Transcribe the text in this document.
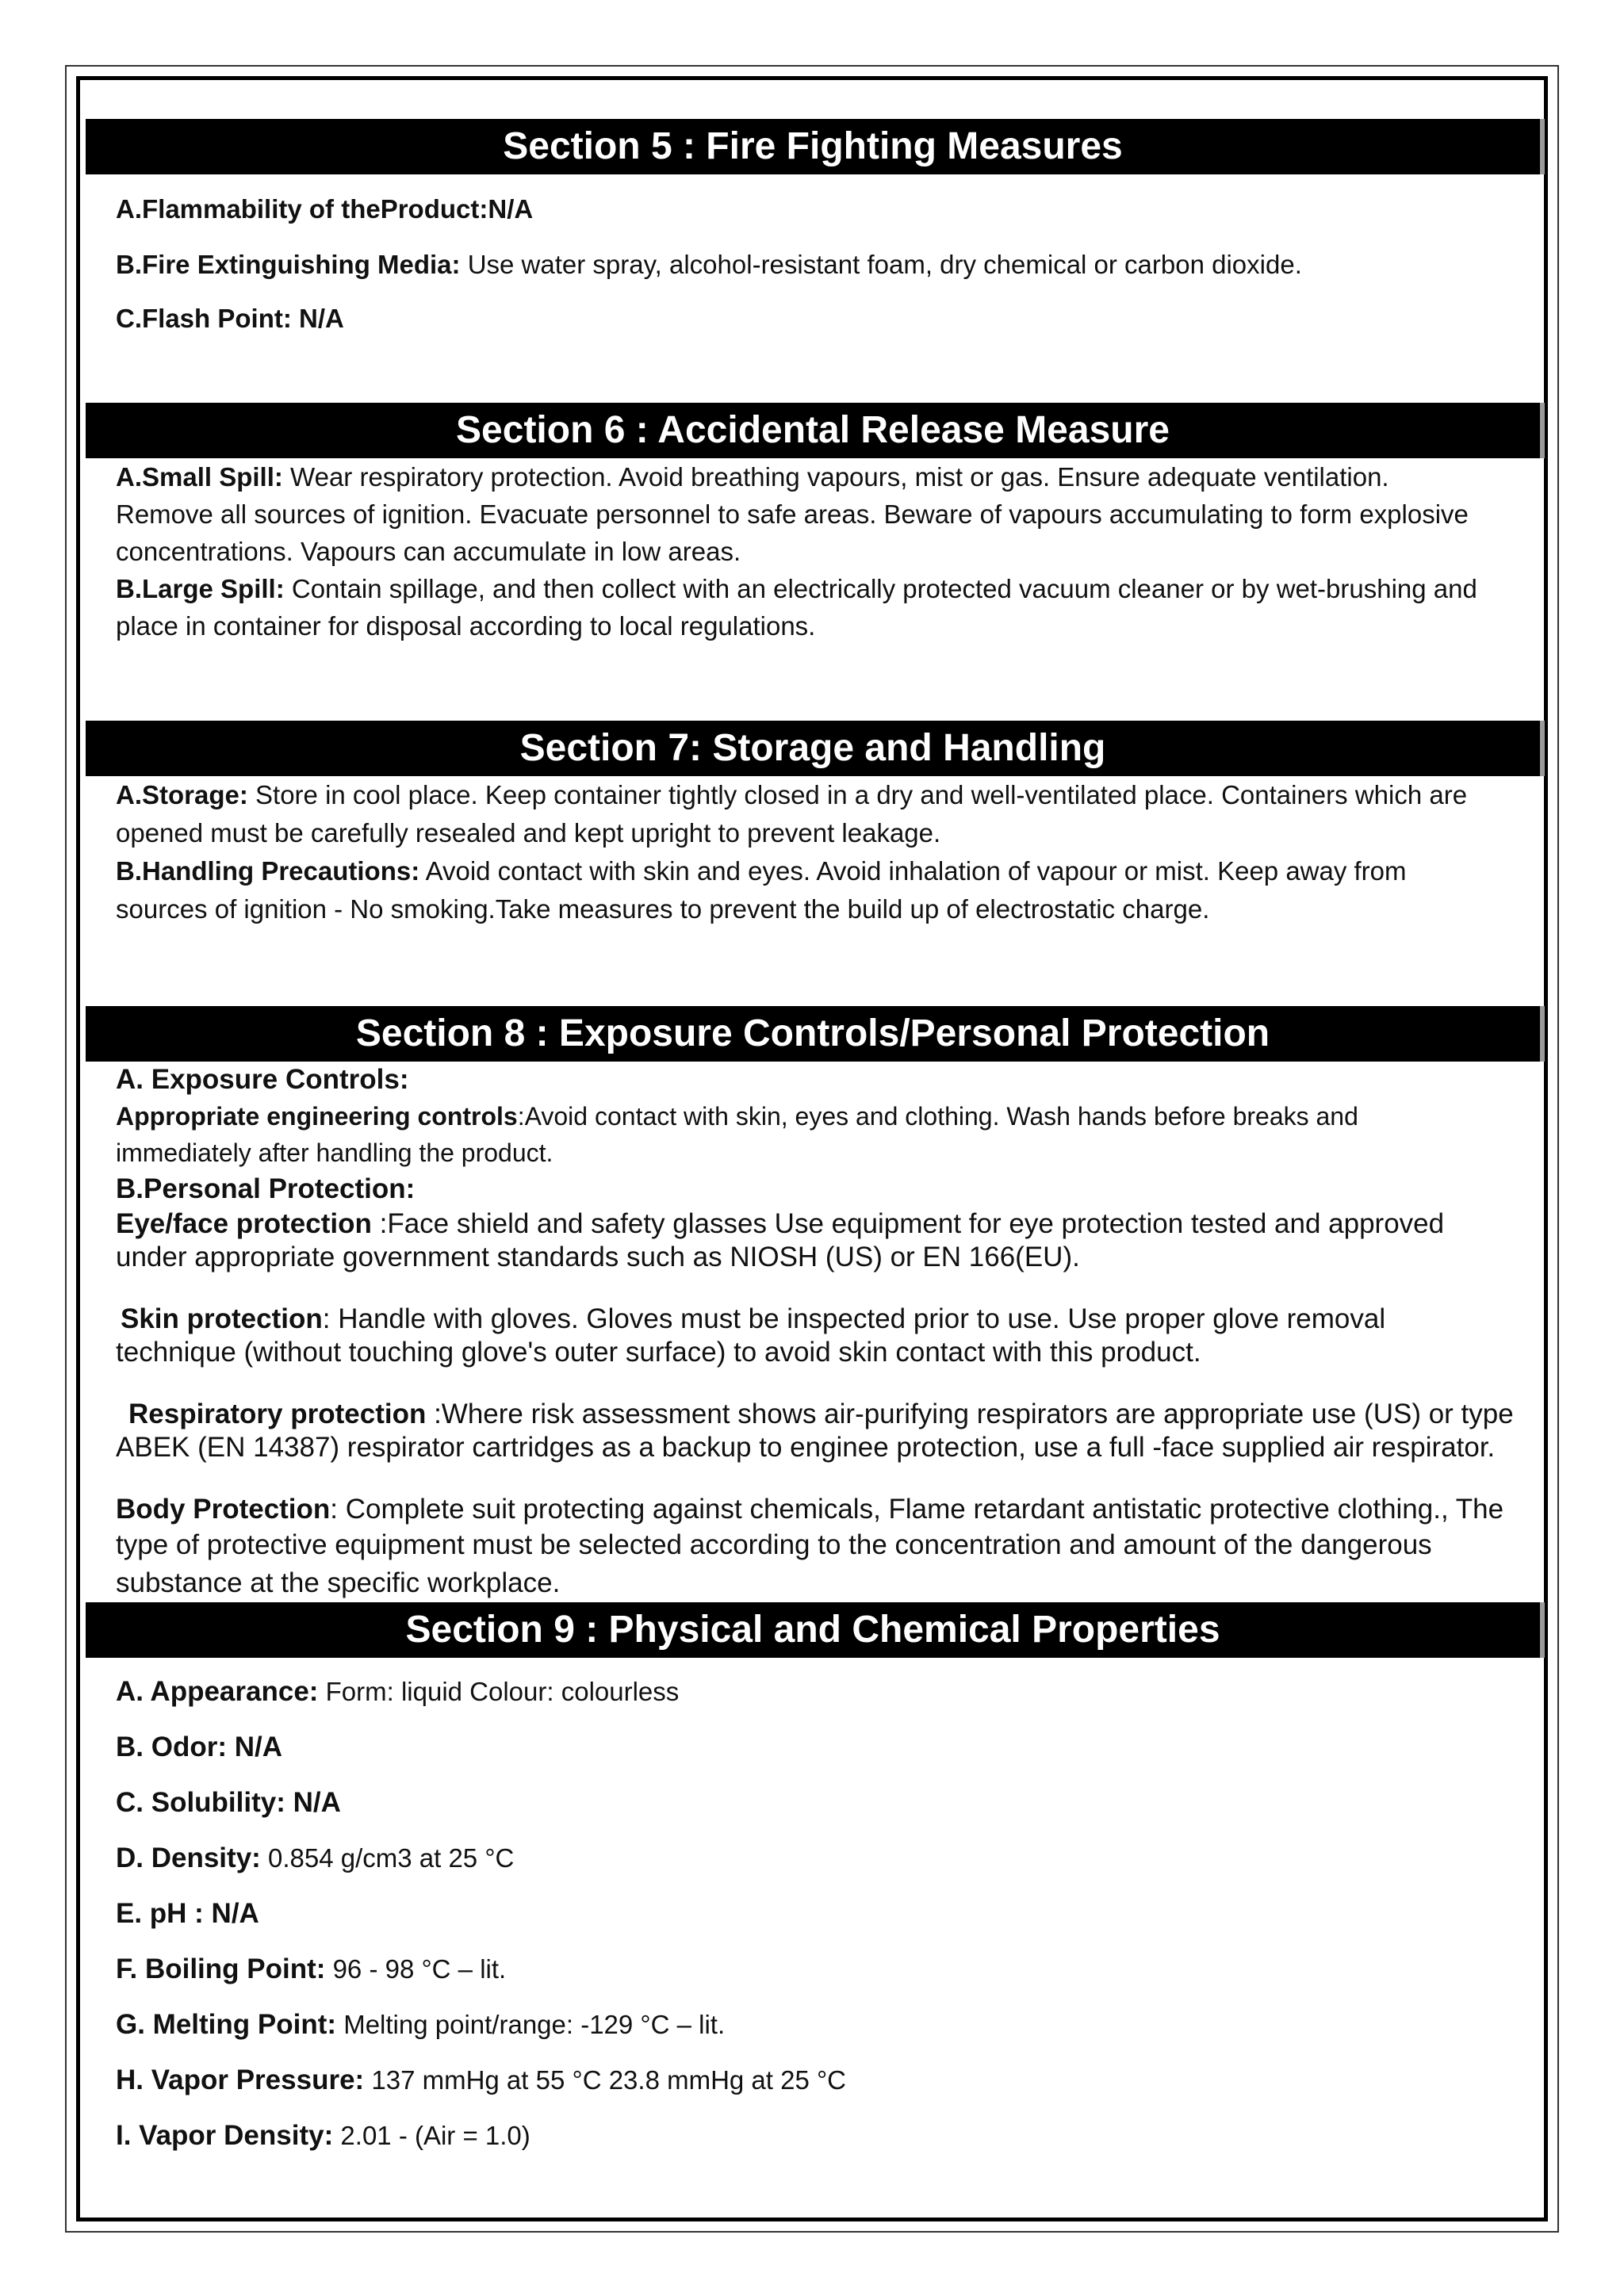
Section 5 : Fire Fighting Measures

A.Flammability of theProduct:N/A

B.Fire Extinguishing Media: Use water spray, alcohol-resistant foam, dry chemical or carbon dioxide.

C.Flash Point: N/A

Section 6 : Accidental Release Measure

A.Small Spill: Wear respiratory protection. Avoid breathing vapours, mist or gas. Ensure adequate ventilation.

Remove all sources of ignition. Evacuate personnel to safe areas. Beware of vapours accumulating to form explosive

concentrations. Vapours can accumulate in low areas.

B.Large Spill: Contain spillage, and then collect with an electrically protected vacuum cleaner or by wet-brushing and

place in container for disposal according to local regulations.

Section 7: Storage and Handling

A.Storage: Store in cool place. Keep container tightly closed in a dry and well-ventilated place. Containers which are

opened must be carefully resealed and kept upright to prevent leakage.

B.Handling Precautions: Avoid contact with skin and eyes. Avoid inhalation of vapour or mist. Keep away from

sources of ignition - No smoking.Take measures to prevent the build up of electrostatic charge.

Section 8 : Exposure Controls/Personal Protection

A. Exposure Controls:

Appropriate engineering controls:Avoid contact with skin, eyes and clothing. Wash hands before breaks and

immediately after handling the product.

B.Personal Protection:

Eye/face protection :Face shield and safety glasses Use equipment for eye protection tested and approved

under appropriate government standards such as NIOSH (US) or EN 166(EU).

Skin protection: Handle with gloves. Gloves must be inspected prior to use. Use proper glove removal

technique (without touching glove's outer surface) to avoid skin contact with this product.

Respiratory protection :Where risk assessment shows air-purifying respirators are appropriate use (US) or type

ABEK (EN 14387) respirator cartridges as a backup to enginee protection, use a full -face supplied air respirator.

Body Protection: Complete suit protecting against chemicals, Flame retardant antistatic protective clothing., The

type of protective equipment must be selected according to the concentration and amount of the dangerous

substance at the specific workplace.

Section 9 : Physical and Chemical Properties
A. Appearance: Form: liquid Colour: colourless
B. Odor: N/A
C. Solubility: N/A
D. Density: 0.854 g/cm3 at 25 °C
E. pH : N/A
F. Boiling Point: 96 - 98 °C – lit.
G. Melting Point: Melting point/range: -129 °C – lit.
H. Vapor Pressure: 137 mmHg at 55 °C 23.8 mmHg at 25 °C
I. Vapor Density: 2.01 - (Air = 1.0)
